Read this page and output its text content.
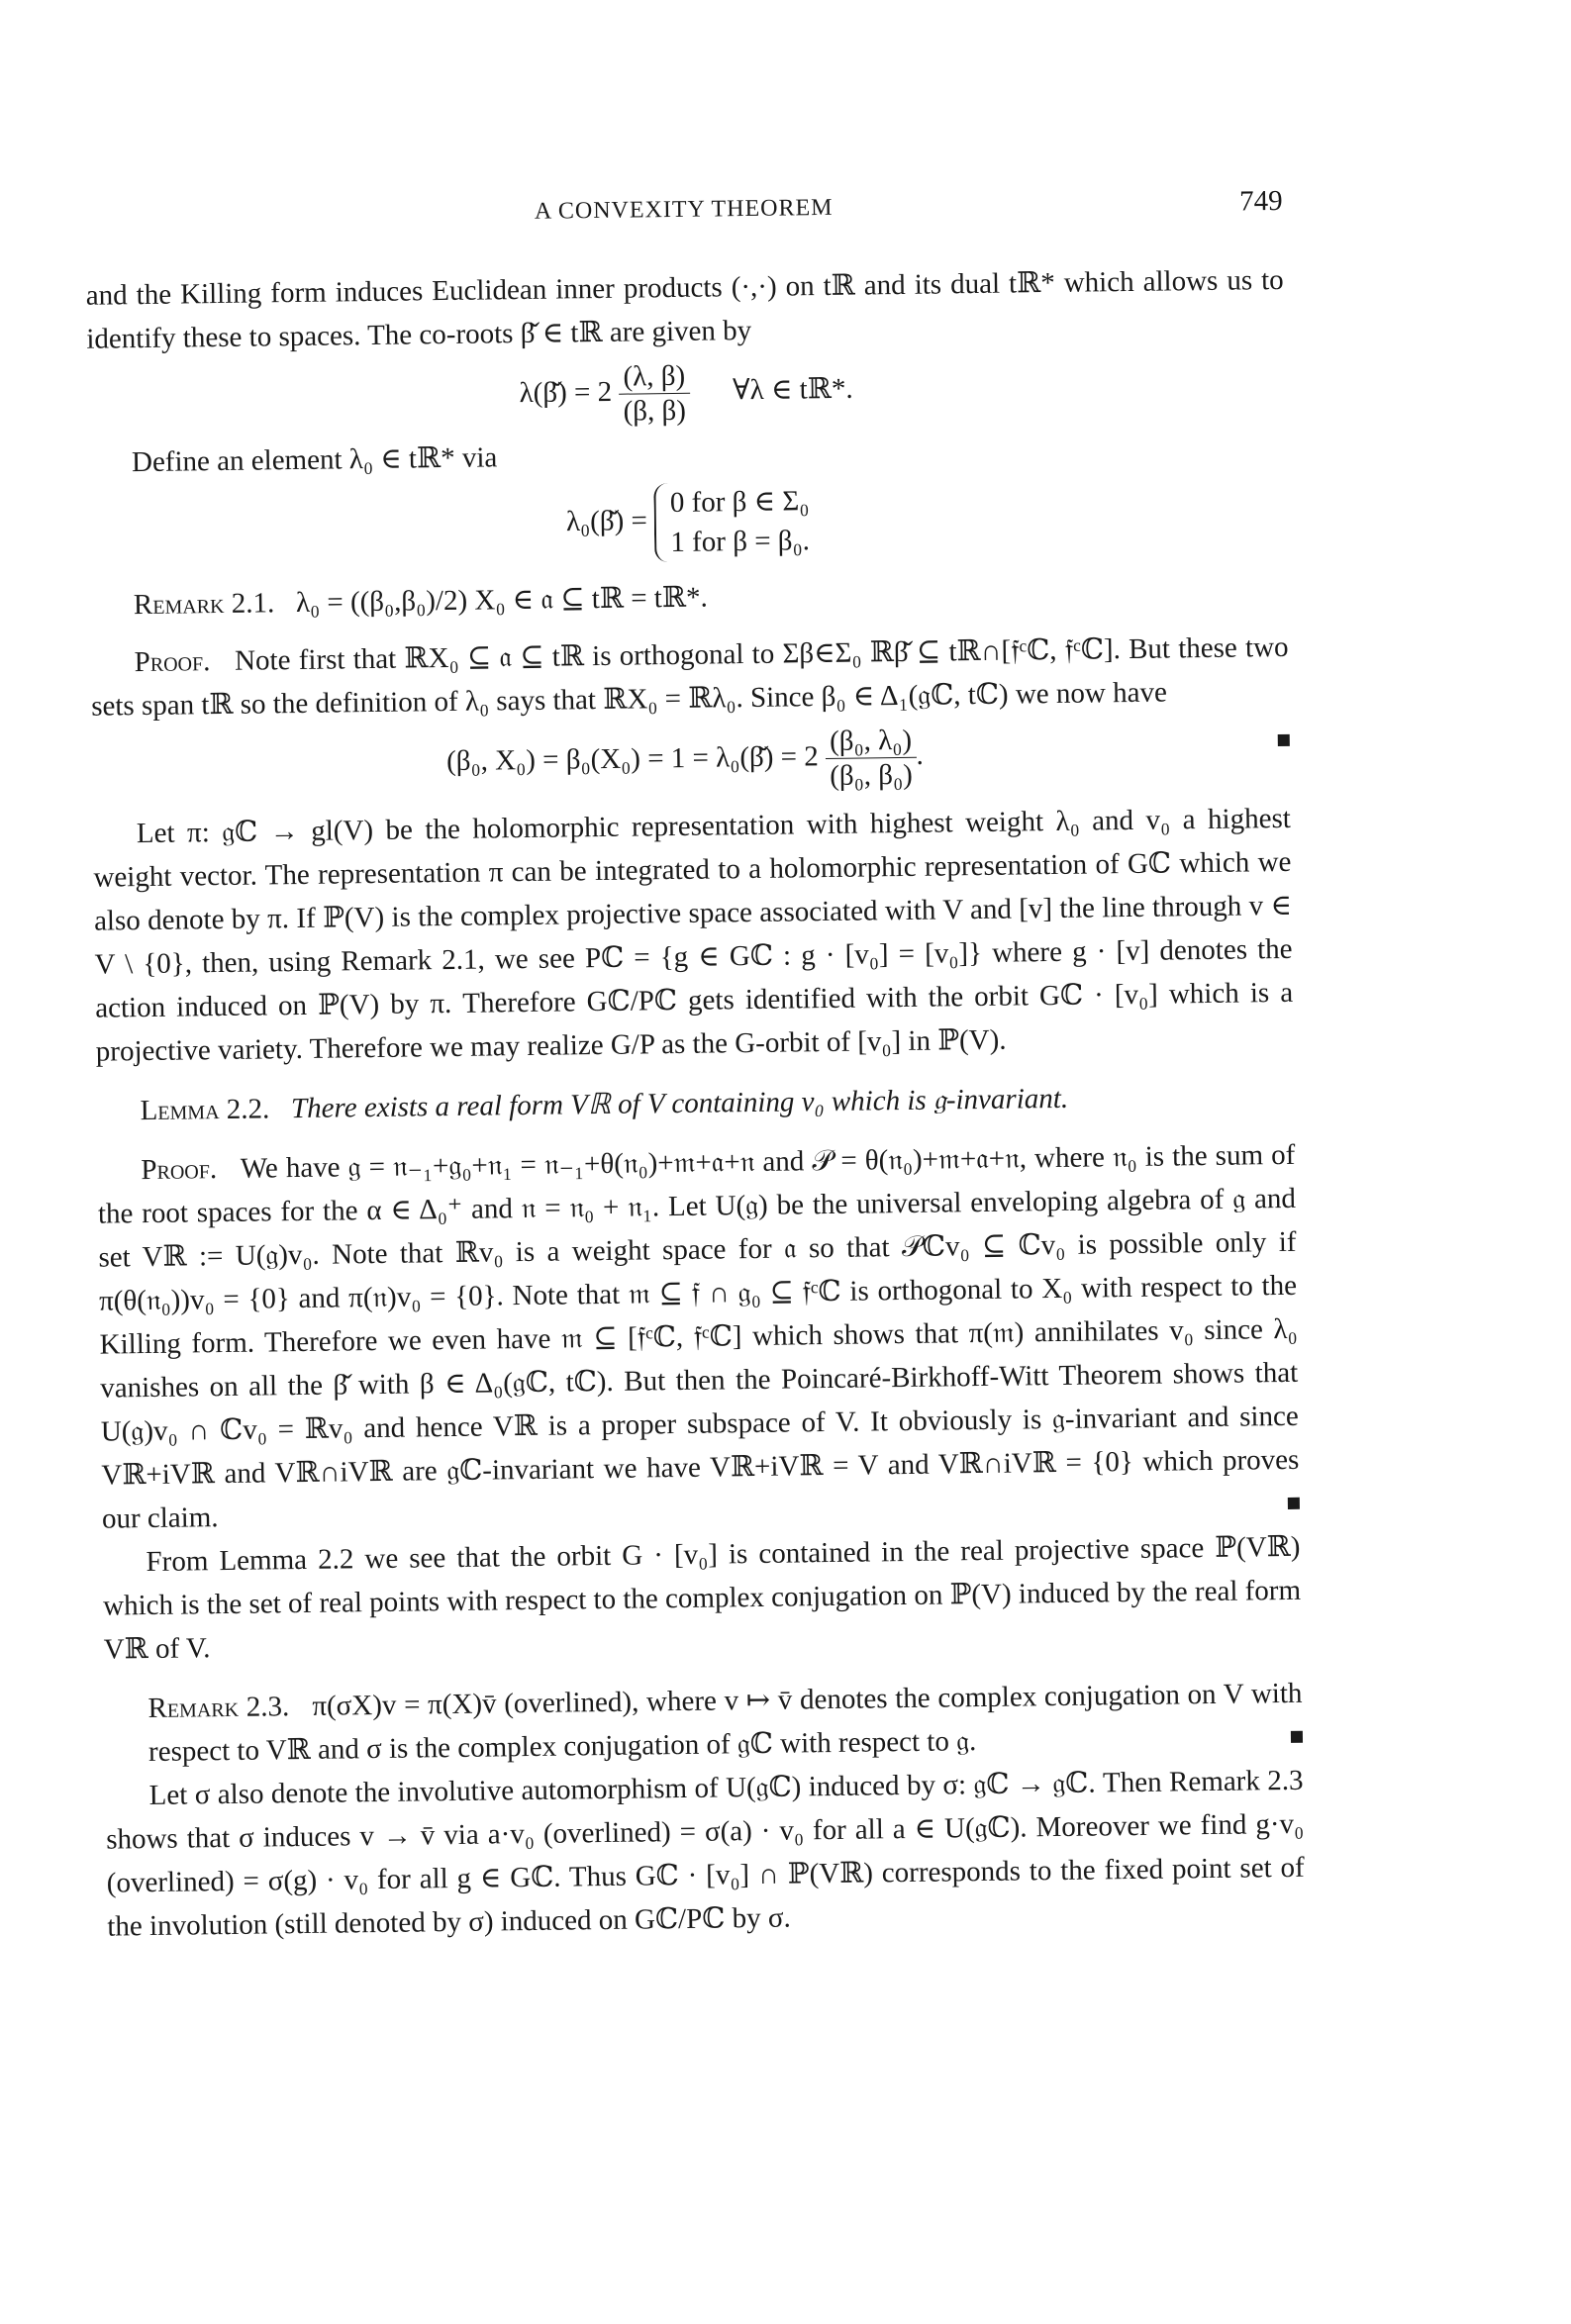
A CONVEXITY THEOREM	749

and the Killing form induces Euclidean inner products (·,·) on tℝ and its dual tℝ* which allows us to identify these to spaces. The co-roots β̌ ∈ tℝ are given by

λ(β̌) = $2 \frac{(\lambda, \beta)}{(\beta, \beta)}$ ∀λ ∈ tℝ*.

Define an element λ₀ ∈ tℝ* via

λ₀(β̌) =
0 for β ∈ Σ₀
1 for β = β₀.

Remark 2.1. λ₀ = ((β₀,β₀)/2) X₀ ∈ 𝔞 ⊆ tℝ = tℝ*.

Proof. Note first that ℝX₀ ⊆ 𝔞 ⊆ tℝ is orthogonal to Σβ∈Σ₀ ℝβ̌ ⊆ tℝ∩[𝔣ᶜℂ, 𝔣ᶜℂ]. But these two sets span tℝ so the definition of λ₀ says that ℝX₀ = ℝλ₀. Since β₀ ∈ Δ₁(𝔤ℂ, tℂ) we now have

(β₀, X₀) = β₀(X₀) = 1 = λ₀(β̌) = $2 \frac{\text{(β₀, λ₀)}}{\text{(β₀, β₀)}}$ .

Let π: 𝔤ℂ → gl(V) be the holomorphic representation with highest weight λ₀ and v₀ a highest weight vector. The representation π can be integrated to a holomorphic representation of Gℂ which we also denote by π. If ℙ(V) is the complex projective space associated with V and [v] the line through v ∈ V \ {0}, then, using Remark 2.1, we see Pℂ = {g ∈ Gℂ : g · [v₀] = [v₀]} where g · [v] denotes the action induced on ℙ(V) by π. Therefore Gℂ/Pℂ gets identified with the orbit Gℂ · [v₀] which is a projective variety. Therefore we may realize G/P as the G-orbit of [v₀] in ℙ(V).

Lemma 2.2. There exists a real form Vℝ of V containing v₀ which is 𝔤-invariant.

Proof. We have 𝔤 = 𝔫₋₁+𝔤₀+𝔫₁ = 𝔫₋₁+θ(𝔫₀)+𝔪+𝔞+𝔫 and 𝒫 = θ(𝔫₀)+𝔪+𝔞+𝔫, where 𝔫₀ is the sum of the root spaces for the α ∈ Δ₀⁺ and 𝔫 = 𝔫₀ + 𝔫₁. Let U(𝔤) be the universal enveloping algebra of 𝔤 and set Vℝ := U(𝔤)v₀. Note that ℝv₀ is a weight space for 𝔞 so that 𝒫ℂv₀ ⊆ ℂv₀ is possible only if π(θ(𝔫₀))v₀ = {0} and π(𝔫)v₀ = {0}. Note that 𝔪 ⊆ 𝔣 ∩ 𝔤₀ ⊆ 𝔣ᶜℂ is orthogonal to X₀ with respect to the Killing form. Therefore we even have 𝔪 ⊆ [𝔣ᶜℂ, 𝔣ᶜℂ] which shows that π(𝔪) annihilates v₀ since λ₀ vanishes on all the β̌ with β ∈ Δ₀(𝔤ℂ, tℂ). But then the Poincaré-Birkhoff-Witt Theorem shows that U(𝔤)v₀ ∩ ℂv₀ = ℝv₀ and hence Vℝ is a proper subspace of V. It obviously is 𝔤-invariant and since Vℝ+iVℝ and Vℝ∩iVℝ are 𝔤ℂ-invariant we have Vℝ+iVℝ = V and Vℝ∩iVℝ = {0} which proves our claim.

From Lemma 2.2 we see that the orbit G · [v₀] is contained in the real projective space ℙ(Vℝ) which is the set of real points with respect to the complex conjugation on ℙ(V) induced by the real form Vℝ of V.

Remark 2.3. π(σX)v = π(X)v̄ (overlined), where v ↦ v̄ denotes the complex conjugation on V with respect to Vℝ and σ is the complex conjugation of 𝔤ℂ with respect to 𝔤.

Let σ also denote the involutive automorphism of U(𝔤ℂ) induced by σ: 𝔤ℂ → 𝔤ℂ. Then Remark 2.3 shows that σ induces v → v̄ via a·v₀ (overlined) = σ(a) · v₀ for all a ∈ U(𝔤ℂ). Moreover we find g·v₀ (overlined) = σ(g) · v₀ for all g ∈ Gℂ. Thus Gℂ · [v₀] ∩ ℙ(Vℝ) corresponds to the fixed point set of the involution (still denoted by σ) induced on Gℂ/Pℂ by σ.
